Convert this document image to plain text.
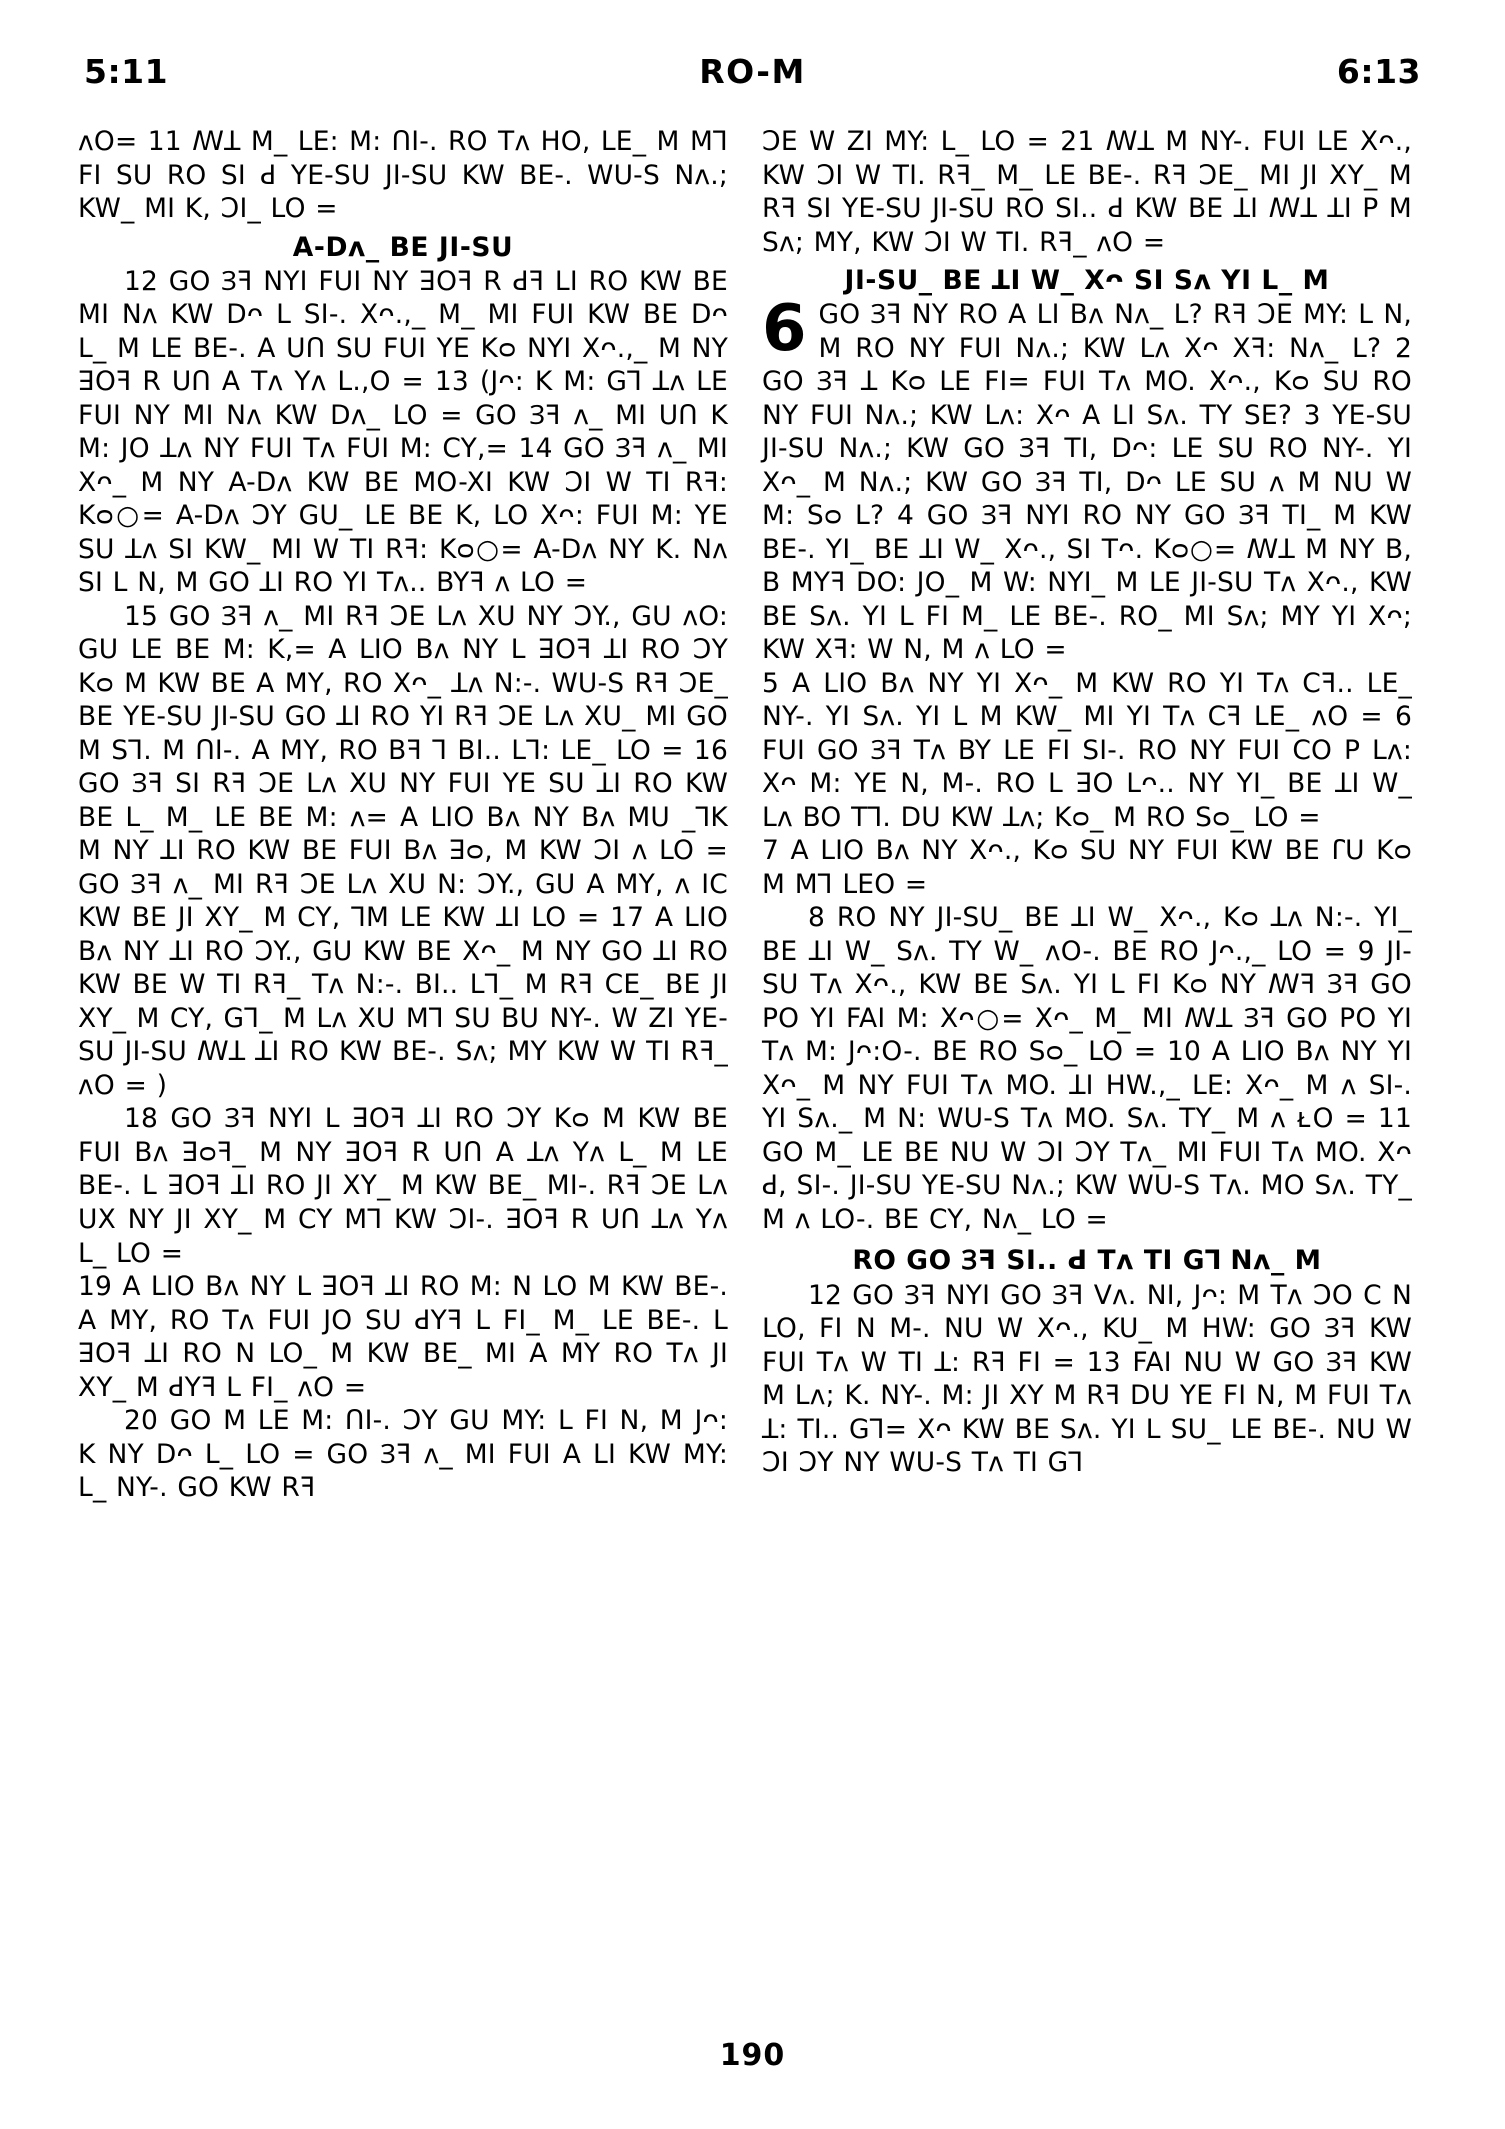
5:11	RO-M	6:13

ᴧO= 11 ꟿꓕ M_ LE: M: ꓵI-. RO Tᴧ HO, LE_ M Mꓶ FI SU RO SI ꓒ YE-SU JI-SU KW BE-. WU-S Nᴧ.; KW_ MI K, ꓛI_ LO =

A-Dᴧ_ BE JI-SU

12 GO Ɜꟻ NYI FUI NY ꓱOꟻ R ꓒꟻ LI RO KW BE MI Nᴧ KW Dᴖ L SI-. Xᴖ.,_ M_ MI FUI KW BE Dᴖ L_ M LE BE-. A ꓴꓵ SU FUI YE Kᴑ NYI Xᴖ.,_ M NY ꓱOꟻ R ꓴꓵ A Tᴧ Yᴧ L.,O = 13 (Jᴖ: K M: Gꓶ ꓕᴧ LE FUI NY MI Nᴧ KW Dᴧ_ LO = GO Ɜꟻ ᴧ_ MI ꓴꓵ K M: JO ꓕᴧ NY FUI Tᴧ FUI M: CY,= 14 GO Ɜꟻ ᴧ_ MI Xᴖ_ M NY A-Dᴧ KW BE MO-XI KW ꓛI W TI Rꟻ: Kᴑ○= A-Dᴧ ꓛY GU_ LE BE K, LO Xᴖ: FUI M: YE SU ꓕᴧ SI KW_ MI W TI Rꟻ: Kᴑ○= A-Dᴧ NY K. Nᴧ SI L N, M GO ꓕI RO YI Tᴧ.. BYꟻ ᴧ LO =

15 GO Ɜꟻ ᴧ_ MI Rꟻ ꓛE Lᴧ XU NY ꓛY., GU ᴧO: GU LE BE M: K,= A LIO Bᴧ NY L ꓱOꟻ ꓕI RO ꓛY Kᴑ M KW BE A MY, RO Xᴖ_ ꓕᴧ N:-. WU-S Rꟻ ꓛE_ BE YE-SU JI-SU GO ꓕI RO YI Rꟻ ꓛE Lᴧ XU_ MI GO M Sꓶ. M ꓵI-. A MY, RO Bꟻ ꓶ BI.. Lꓶ: LE_ LO = 16 GO Ɜꟻ SI Rꟻ ꓛE Lᴧ XU NY FUI YE SU ꓕI RO KW BE L_ M_ LE BE M: ᴧ= A LIO Bᴧ NY Bᴧ MU _ꓶK M NY ꓕI RO KW BE FUI Bᴧ ꓱᴑ, M KW ꓛI ᴧ LO = GO Ɜꟻ ᴧ_ MI Rꟻ ꓛE Lᴧ XU N: ꓛY., GU A MY, ᴧ IC KW BE JI XY_ M CY, ꓶM LE KW ꓕI LO = 17 A LIO Bᴧ NY ꓕI RO ꓛY., GU KW BE Xᴖ_ M NY GO ꓕI RO KW BE W TI Rꟻ_ Tᴧ N:-. BI.. Lꓶ_ M Rꟻ CE_ BE JI XY_ M CY, Gꓶ_ M Lᴧ XU Mꓶ SU BU NY-. W ZI YE-SU JI-SU ꟿꓕ ꓕI RO KW BE-. Sᴧ; MY KW W TI Rꟻ_ ᴧO = )

18 GO Ɜꟻ NYI L ꓱOꟻ ꓕI RO ꓛY Kᴑ M KW BE FUI Bᴧ ꓱᴑꟻ_ M NY ꓱOꟻ R ꓴꓵ A ꓕᴧ Yᴧ L_ M LE BE-. L ꓱOꟻ ꓕI RO JI XY_ M KW BE_ MI-. Rꟻ ꓛE Lᴧ UX NY JI XY_ M CY Mꓶ KW ꓛI-. ꓱOꟻ R ꓴꓵ ꓕᴧ Yᴧ L_ LO =

19 A LIO Bᴧ NY L ꓱOꟻ ꓕI RO M: N LO M KW BE-. A MY, RO Tᴧ FUI JO SU ꓒYꟻ L FI_ M_ LE BE-. L ꓱOꟻ ꓕI RO N LO_ M KW BE_ MI A MY RO Tᴧ JI XY_ M ꓒYꟻ L FI_ ᴧO =

20 GO M LE M: ꓵI-. ꓛY GU MY: L FI N, M Jᴖ: K NY Dᴖ L_ LO = GO Ɜꟻ ᴧ_ MI FUI A LI KW MY: L_ NY-. GO KW Rꟻ

ꓛE W ZI MY: L_ LO = 21 ꟿꓕ M NY-. FUI LE Xᴖ., KW ꓛI W TI. Rꟻ_ M_ LE BE-. Rꟻ ꓛE_ MI JI XY_ M Rꟻ SI YE-SU JI-SU RO SI.. ꓒ KW BE ꓕI ꟿꓕ ꓕI P M Sᴧ; MY, KW ꓛI W TI. Rꟻ_ ᴧO =

JI-SU_ BE ꓕI W_ Xᴖ SI Sᴧ YI L_ M
6 GO Ɜꟻ NY RO A LI Bᴧ Nᴧ_ L? Rꟻ ꓛE MY: L N, M RO NY FUI Nᴧ.; KW Lᴧ Xᴖ Xꟻ: Nᴧ_ L? 2 GO Ɜꟻ ꓕ Kᴑ LE FI= FUI Tᴧ MO. Xᴖ., Kᴑ SU RO NY FUI Nᴧ.; KW Lᴧ: Xᴖ A LI Sᴧ. TY SE? 3 YE-SU JI-SU Nᴧ.; KW GO Ɜꟻ TI, Dᴖ: LE SU RO NY-. YI Xᴖ_ M Nᴧ.; KW GO Ɜꟻ TI, Dᴖ LE SU ᴧ M NU W M: Sᴑ L? 4 GO Ɜꟻ NYI RO NY GO Ɜꟻ TI_ M KW BE-. YI_ BE ꓕI W_ Xᴖ., SI Tᴖ. Kᴑ○= ꟿꓕ M NY B, B MYꟻ DO: JO_ M W: NYI_ M LE JI-SU Tᴧ Xᴖ., KW BE Sᴧ. YI L FI M_ LE BE-. RO_ MI Sᴧ; MY YI Xᴖ; KW Xꟻ: W N, M ᴧ LO =

5 A LIO Bᴧ NY YI Xᴖ_ M KW RO YI Tᴧ Cꟻ.. LE_ NY-. YI Sᴧ. YI L M KW_ MI YI Tᴧ Cꟻ LE_ ᴧO = 6 FUI GO Ɜꟻ Tᴧ BY LE FI SI-. RO NY FUI CO P Lᴧ: Xᴖ M: YE N, M-. RO L ꓱO Lᴖ.. NY YI_ BE ꓕI W_ Lᴧ BO Tꓶ. DU KW ꓕᴧ; Kᴑ_ M RO Sᴑ_ LO =

7 A LIO Bᴧ NY Xᴖ., Kᴑ SU NY FUI KW BE ꓩU Kᴑ M Mꓶ LEO =

8 RO NY JI-SU_ BE ꓕI W_ Xᴖ., Kᴑ ꓕᴧ N:-. YI_ BE ꓕI W_ Sᴧ. TY W_ ᴧO-. BE RO Jᴖ.,_ LO = 9 JI-SU Tᴧ Xᴖ., KW BE Sᴧ. YI L FI Kᴑ NY ꟿꟻ Ɜꟻ GO PO YI FAI M: Xᴖ○= Xᴖ_ M_ MI ꟿꓕ Ɜꟻ GO PO YI Tᴧ M: Jᴖ:O-. BE RO Sᴑ_ LO = 10 A LIO Bᴧ NY YI Xᴖ_ M NY FUI Tᴧ MO. ꓕI HW.,_ LE: Xᴖ_ M ᴧ SI-. YI Sᴧ._ M N: WU-S Tᴧ MO. Sᴧ. TY_ M ᴧ ᴌO = 11 GO M_ LE BE NU W ꓛI ꓛY Tᴧ_ MI FUI Tᴧ MO. Xᴖ ꓒ, SI-. JI-SU YE-SU Nᴧ.; KW WU-S Tᴧ. MO Sᴧ. TY_ M ᴧ LO-. BE CY, Nᴧ_ LO =

RO GO Ɜꟻ SI.. ꓒ Tᴧ TI Gꓶ Nᴧ_ M

12 GO Ɜꟻ NYI GO Ɜꟻ Vᴧ. NI, Jᴖ: M Tᴧ ꓛO C N LO, FI N M-. NU W Xᴖ., KU_ M HW: GO Ɜꟻ KW FUI Tᴧ W TI ꓕ: Rꟻ FI = 13 FAI NU W GO Ɜꟻ KW M Lᴧ; K. NY-. M: JI XY M Rꟻ DU YE FI N, M FUI Tᴧ ꓕ: TI.. Gꓶ= Xᴖ KW BE Sᴧ. YI L SU_ LE BE-. NU W ꓛI ꓛY NY WU-S Tᴧ TI Gꓶ

190
